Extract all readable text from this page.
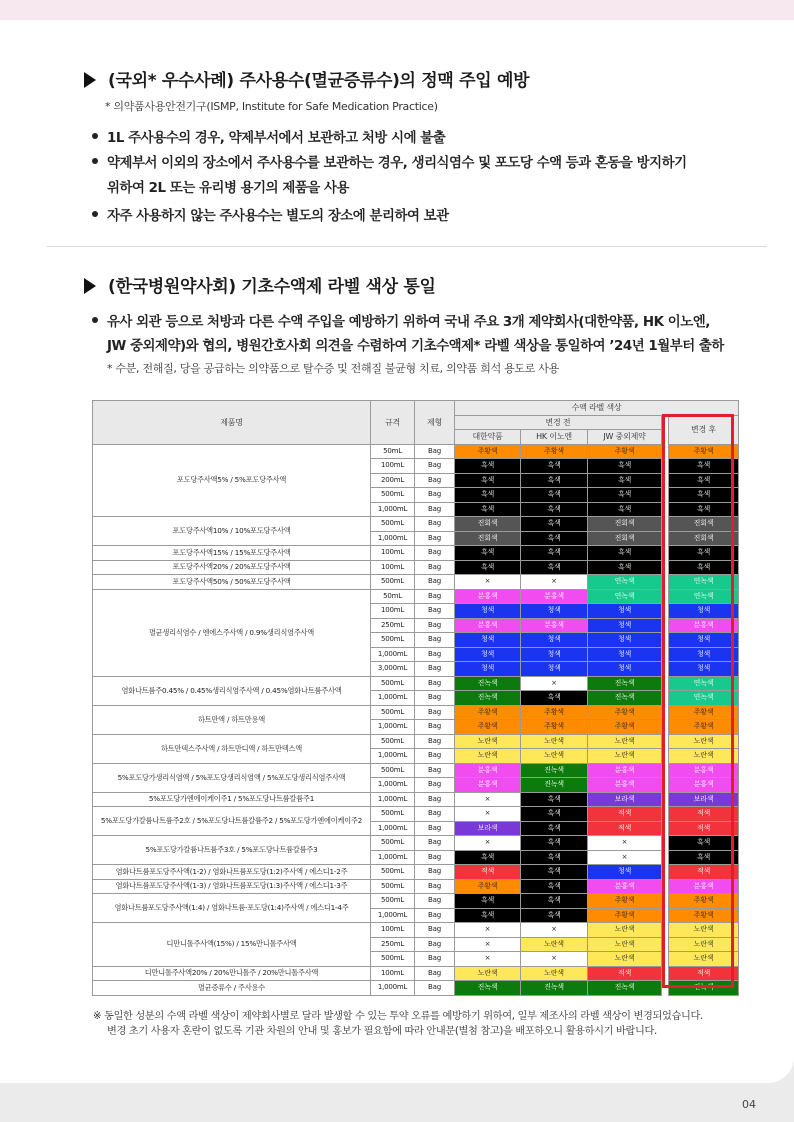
(국외* 우수사례) 주사용수(멸균증류수)의 정맥 주입 예방
* 의약품사용안전기구(ISMP, Institute for Safe Medication Practice)
1L 주사용수의 경우, 약제부서에서 보관하고 처방 시에 불출
약제부서 이외의 장소에서 주사용수를 보관하는 경우, 생리식염수 및 포도당 수액 등과 혼동을 방지하기
위하여 2L 또는 유리병 용기의 제품을 사용
자주 사용하지 않는 주사용수는 별도의 장소에 분리하여 보관
(한국병원약사회) 기초수액제 라벨 색상 통일
유사 외관 등으로 처방과 다른 수액 주입을 예방하기 위하여 국내 주요 3개 제약회사(대한약품, HK 이노엔,
JW 중외제약)와 협의, 병원간호사회 의견을 수렴하여 기초수액제* 라벨 색상을 통일하여 ’24년 1월부터 출하
* 수분, 전해질, 당을 공급하는 의약품으로 탈수증 및 전해질 불균형 치료, 의약품 희석 용도로 사용
제품명	규격	제형	수액 라벨 색상				
			변경 전				변경 후
			대한약품	HK 이노엔	JW 중외제약		
포도당주사액5% / 5%포도당주사액	50mL	Bag	주황색	주황색	주황색		주황색
	100mL	Bag	흑색	흑색	흑색		흑색
	200mL	Bag	흑색	흑색	흑색		흑색
	500mL	Bag	흑색	흑색	흑색		흑색
	1,000mL	Bag	흑색	흑색	흑색		흑색
포도당주사액10% / 10%포도당주사액	500mL	Bag	진회색	흑색	진회색		진회색
	1,000mL	Bag	진회색	흑색	진회색		진회색
포도당주사액15% / 15%포도당주사액	100mL	Bag	흑색	흑색	흑색		흑색
포도당주사액20% / 20%포도당주사액	100mL	Bag	흑색	흑색	흑색		흑색
포도당주사액50% / 50%포도당주사액	500mL	Bag	×	×	연녹색		연녹색
멸균생리식염수 / 엔에스주사액 / 0.9%생리식염주사액	50mL	Bag	분홍색	분홍색	연녹색		연녹색
	100mL	Bag	청색	청색	청색		청색
	250mL	Bag	분홍색	분홍색	청색		분홍색
	500mL	Bag	청색	청색	청색		청색
	1,000mL	Bag	청색	청색	청색		청색
	3,000mL	Bag	청색	청색	청색		청색
염화나트륨주0.45% / 0.45%생리식염주사액 / 0.45%염화나트륨주사액	500mL	Bag	진녹색	×	진녹색		연녹색
	1,000mL	Bag	진녹색	흑색	진녹색		연녹색
하트만액 / 하트만용액	500mL	Bag	주황색	주황색	주황색		주황색
	1,000mL	Bag	주황색	주황색	주황색		주황색
하트만덱스주사액 / 하트만디액 / 하트만덱스액	500mL	Bag	노란색	노란색	노란색		노란색
	1,000mL	Bag	노란색	노란색	노란색		노란색
5%포도당가생리식염액 / 5%포도당생리식염액 / 5%포도당생리식염주사액	500mL	Bag	분홍색	진녹색	분홍색		분홍색
	1,000mL	Bag	분홍색	진녹색	분홍색		분홍색
5%포도당가엔에이케이주1 / 5%포도당나트륨칼륨주1	1,000mL	Bag	×	흑색	보라색		보라색
5%포도당가칼륨나트륨주2호 / 5%포도당나트륨칼륨주2 / 5%포도당가엔에이케이주2	500mL	Bag	×	흑색	적색		적색
	1,000mL	Bag	보라색	흑색	적색		적색
5%포도당가칼륨나트륨주3호 / 5%포도당나트륨칼륨주3	500mL	Bag	×	흑색	×		흑색
	1,000mL	Bag	흑색	흑색	×		흑색
염화나트륨포도당주사액(1-2) / 염화나트륨포도당(1:2)주사액 / 에스디1-2주	500mL	Bag	적색	흑색	청색		적색
염화나트륨포도당주사액(1-3) / 염화나트륨포도당(1:3)주사액 / 에스디1-3주	500mL	Bag	주황색	흑색	분홍색		분홍색
염화나트륨포도당주사액(1:4) / 염화나트륨-포도당(1:4)주사액 / 에스디1-4주	500mL	Bag	흑색	흑색	주황색		주황색
	1,000mL	Bag	흑색	흑색	주황색		주황색
디만니톨주사액(15%) / 15%만니톨주사액	100mL	Bag	×	×	노란색		노란색
	250mL	Bag	×	노란색	노란색		노란색
	500mL	Bag	×	×	노란색		노란색
디만니톨주사액20% / 20%만니톨주 / 20%만니톨주사액	100mL	Bag	노란색	노란색	적색		적색
멸균증류수 / 주사용수	1,000mL	Bag	진녹색	진녹색	진녹색		진녹색
※ 동일한 성분의 수액 라벨 색상이 제약회사별로 달라 발생할 수 있는 투약 오류를 예방하기 위하여, 일부 제조사의 라벨 색상이 변경되었습니다.
변경 초기 사용자 혼란이 없도록 기관 차원의 안내 및 홍보가 필요함에 따라 안내문(별첨 참고)을 배포하오니 활용하시기 바랍니다.
04
